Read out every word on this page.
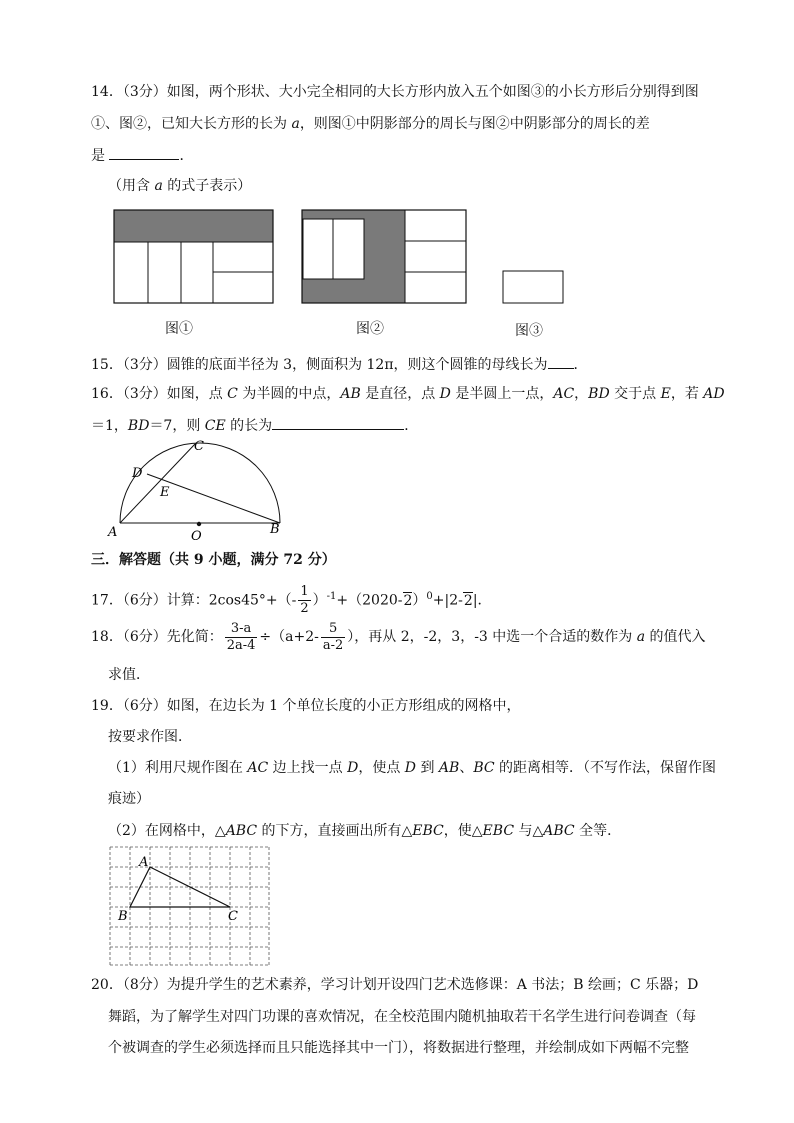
14．（3分）如图，两个形状、大小完全相同的大长方形内放入五个如图③的小长方形后分别得到图
①、图②，已知大长方形的长为 a，则图①中阴影部分的周长与图②中阴影部分的周长的差
是	．
（用含 a 的式子表示）
图①	图②	图③
15．（3分）圆锥的底面半径为 3，侧面积为 12π，则这个圆锥的母线长为 ．
16．（3分）如图，点 C 为半圆的中点，AB 是直径，点 D 是半圆上一点，AC，BD 交于点 E，若 AD
＝1，BD＝7，则 CE 的长为	．
C
D
E
A	O	B
三．解答题（共 9 小题，满分 72 分）
17．（6分）计算：$2\cos 45^\circ+(- \frac{1}{2} )^{-1}+(2020-2)^0+|2-2|$．
18．（6分）先化简： $\frac{3-a}{2a-4} \div(a+2- \frac{5}{a-2}$ ），再从 2，-2，3，-3 中选一个合适的数作为 a 的值代入
求值．
19．（6分）如图，在边长为 1 个单位长度的小正方形组成的网格中，
按要求作图．
（1）利用尺规作图在 AC 边上找一点 D，使点 D 到 AB、BC 的距离相等．（不写作法，保留作图
痕迹）
（2）在网格中，△ABC 的下方，直接画出所有△EBC，使△EBC 与△ABC 全等．
A
B	C
20．（8分）为提升学生的艺术素养，学习计划开设四门艺术选修课：A 书法；B 绘画；C 乐器；D
舞蹈，为了解学生对四门功课的喜欢情况，在全校范围内随机抽取若干名学生进行问卷调查（每
个被调查的学生必须选择而且只能选择其中一门），将数据进行整理，并绘制成如下两幅不完整
